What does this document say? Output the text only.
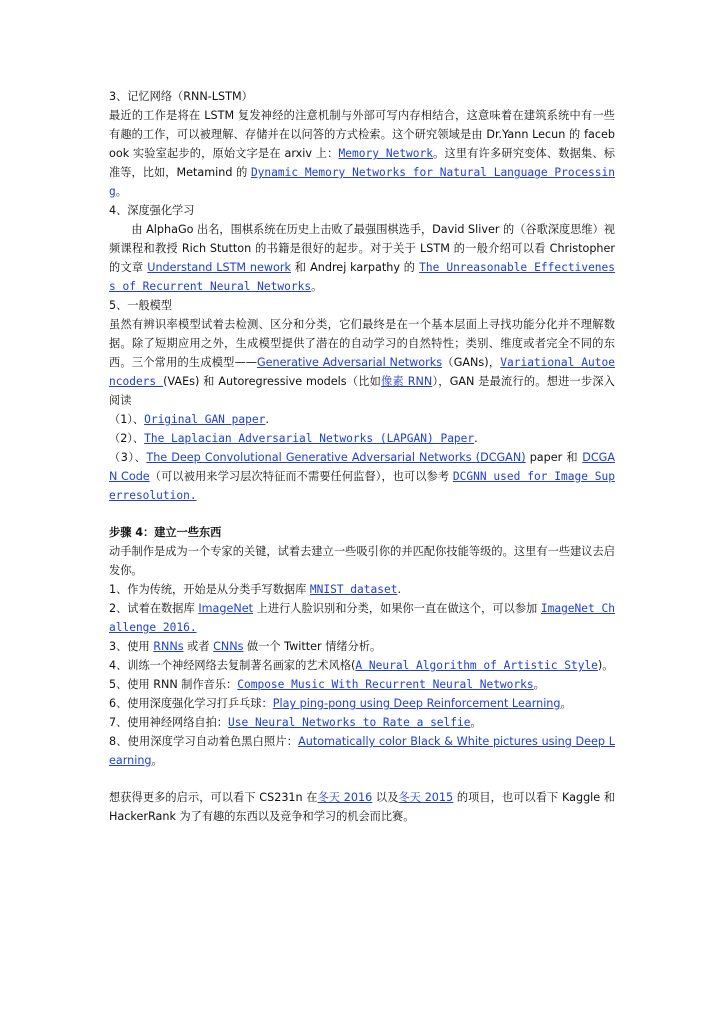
3、记忆网络（RNN-LSTM）
最近的工作是将在 LSTM 复发神经的注意机制与外部可写内存相结合，这意味着在建筑系统中有一些有趣的工作，可以被理解、存储并在以问答的方式检索。这个研究领域是由 Dr.Yann Lecun 的 facebook 实验室起步的，原始文字是在 arxiv 上：Memory Network。这里有许多研究变体、数据集、标准等，比如，Metamind 的 Dynamic Memory Networks for Natural Language Processing。
4、深度强化学习
由 AlphaGo 出名，围棋系统在历史上击败了最强围棋选手，David Sliver 的（谷歌深度思维）视频课程和教授 Rich Stutton 的书籍是很好的起步。对于关于 LSTM 的一般介绍可以看 Christopher 的文章 Understand LSTM nework 和 Andrej karpathy 的 The Unreasonable Effectiveness of Recurrent Neural Networks。
5、一般模型
虽然有辨识率模型试着去检测、区分和分类，它们最终是在一个基本层面上寻找功能分化并不理解数据。除了短期应用之外，生成模型提供了潜在的自动学习的自然特性；类别、维度或者完全不同的东西。三个常用的生成模型——Generative Adversarial Networks（GANs)，Variational Autoencoders (VAEs) 和 Autoregressive models（比如像素 RNN），GAN 是最流行的。想进一步深入阅读
（1）、Original GAN paper.
（2）、The Laplacian Adversarial Networks (LAPGAN) Paper.
（3）、The Deep Convolutional Generative Adversarial Networks (DCGAN) paper 和 DCGAN Code（可以被用来学习层次特征而不需要任何监督），也可以参考 DCGNN used for Image Superresolution.
步骤 4：建立一些东西
动手制作是成为一个专家的关键，试着去建立一些吸引你的并匹配你技能等级的。这里有一些建议去启发你。
1、作为传统，开始是从分类手写数据库 MNIST dataset.
2、试着在数据库 ImageNet 上进行人脸识别和分类，如果你一直在做这个，可以参加 ImageNet Challenge 2016.
3、使用 RNNs 或者 CNNs 做一个 Twitter 情绪分析。
4、训练一个神经网络去复制著名画家的艺术风格(A Neural Algorithm of Artistic Style)。
5、使用 RNN 制作音乐：Compose Music With Recurrent Neural Networks。
6、使用深度强化学习打乒乓球：Play ping-pong using Deep Reinforcement Learning。
7、使用神经网络自拍：Use Neural Networks to Rate a selfie。
8、使用深度学习自动着色黑白照片：Automatically color Black & White pictures using Deep Learning。
想获得更多的启示，可以看下 CS231n 在冬天 2016 以及冬天 2015 的项目，也可以看下 Kaggle 和 HackerRank 为了有趣的东西以及竞争和学习的机会而比赛。
